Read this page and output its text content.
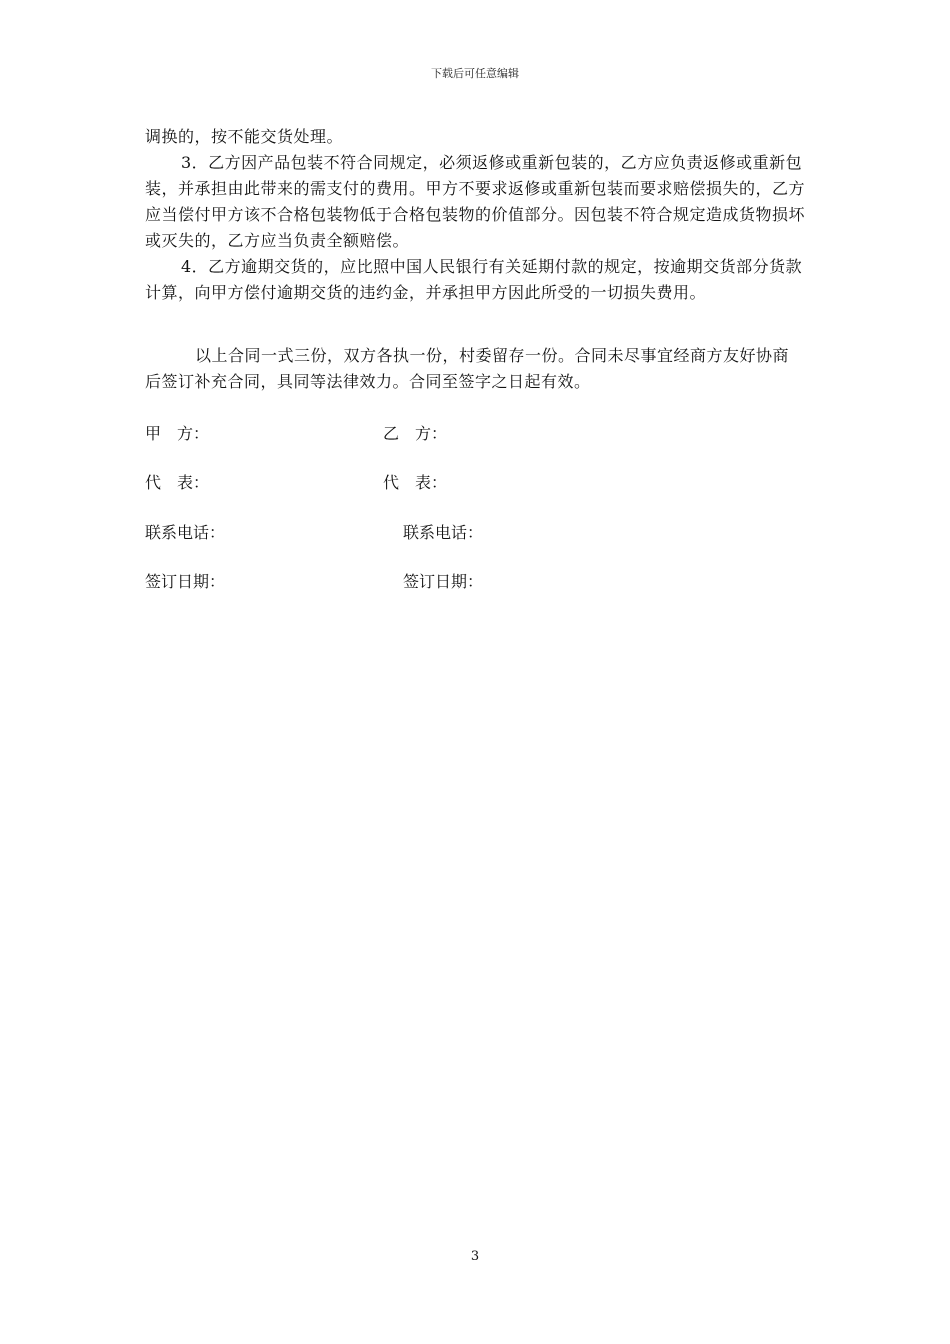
下载后可任意编辑

调换的，按不能交货处理。

3．乙方因产品包装不符合同规定，必须返修或重新包装的，乙方应负责返修或重新包装，并承担由此带来的需支付的费用。甲方不要求返修或重新包装而要求赔偿损失的，乙方应当偿付甲方该不合格包装物低于合格包装物的价值部分。因包装不符合规定造成货物损坏或灭失的，乙方应当负责全额赔偿。

4．乙方逾期交货的，应比照中国人民银行有关延期付款的规定，按逾期交货部分货款计算，向甲方偿付逾期交货的违约金，并承担甲方因此所受的一切损失费用。

以上合同一式三份，双方各执一份，村委留存一份。合同未尽事宜经商方友好协商后签订补充合同，具同等法律效力。合同至签字之日起有效。
甲　方：	乙　方：
代　表：	代　表：
联系电话：	联系电话：
签订日期：	签订日期：
3
